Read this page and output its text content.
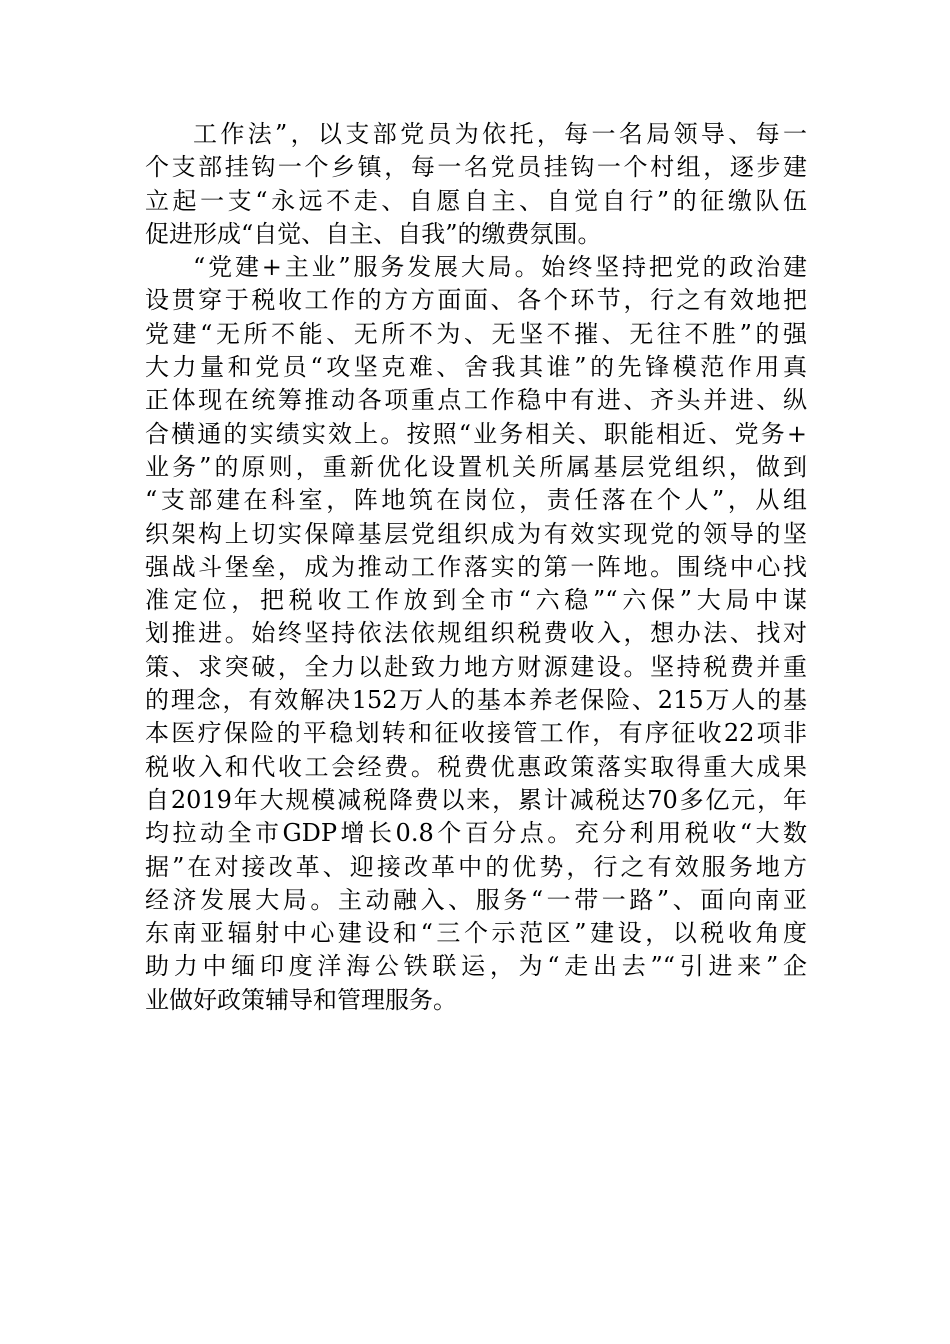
工作法”，以支部党员为依托，每一名局领导、每一
个支部挂钩一个乡镇，每一名党员挂钩一个村组，逐步建
立起一支“永远不走、自愿自主、自觉自行”的征缴队伍
促进形成“自觉、自主、自我”的缴费氛围。
“党建+主业”服务发展大局。始终坚持把党的政治建
设贯穿于税收工作的方方面面、各个环节，行之有效地把
党建“无所不能、无所不为、无坚不摧、无往不胜”的强
大力量和党员“攻坚克难、舍我其谁”的先锋模范作用真
正体现在统筹推动各项重点工作稳中有进、齐头并进、纵
合横通的实绩实效上。按照“业务相关、职能相近、党务+
业务”的原则，重新优化设置机关所属基层党组织，做到
“支部建在科室，阵地筑在岗位，责任落在个人”，从组
织架构上切实保障基层党组织成为有效实现党的领导的坚
强战斗堡垒，成为推动工作落实的第一阵地。围绕中心找
准定位，把税收工作放到全市“六稳”“六保”大局中谋
划推进。始终坚持依法依规组织税费收入，想办法、找对
策、求突破，全力以赴致力地方财源建设。坚持税费并重
的理念，有效解决152万人的基本养老保险、215万人的基
本医疗保险的平稳划转和征收接管工作，有序征收22项非
税收入和代收工会经费。税费优惠政策落实取得重大成果
自2019年大规模减税降费以来，累计减税达70多亿元，年
均拉动全市GDP增长0.8个百分点。充分利用税收“大数
据”在对接改革、迎接改革中的优势，行之有效服务地方
经济发展大局。主动融入、服务“一带一路”、面向南亚
东南亚辐射中心建设和“三个示范区”建设，以税收角度
助力中缅印度洋海公铁联运，为“走出去”“引进来”企
业做好政策辅导和管理服务。
